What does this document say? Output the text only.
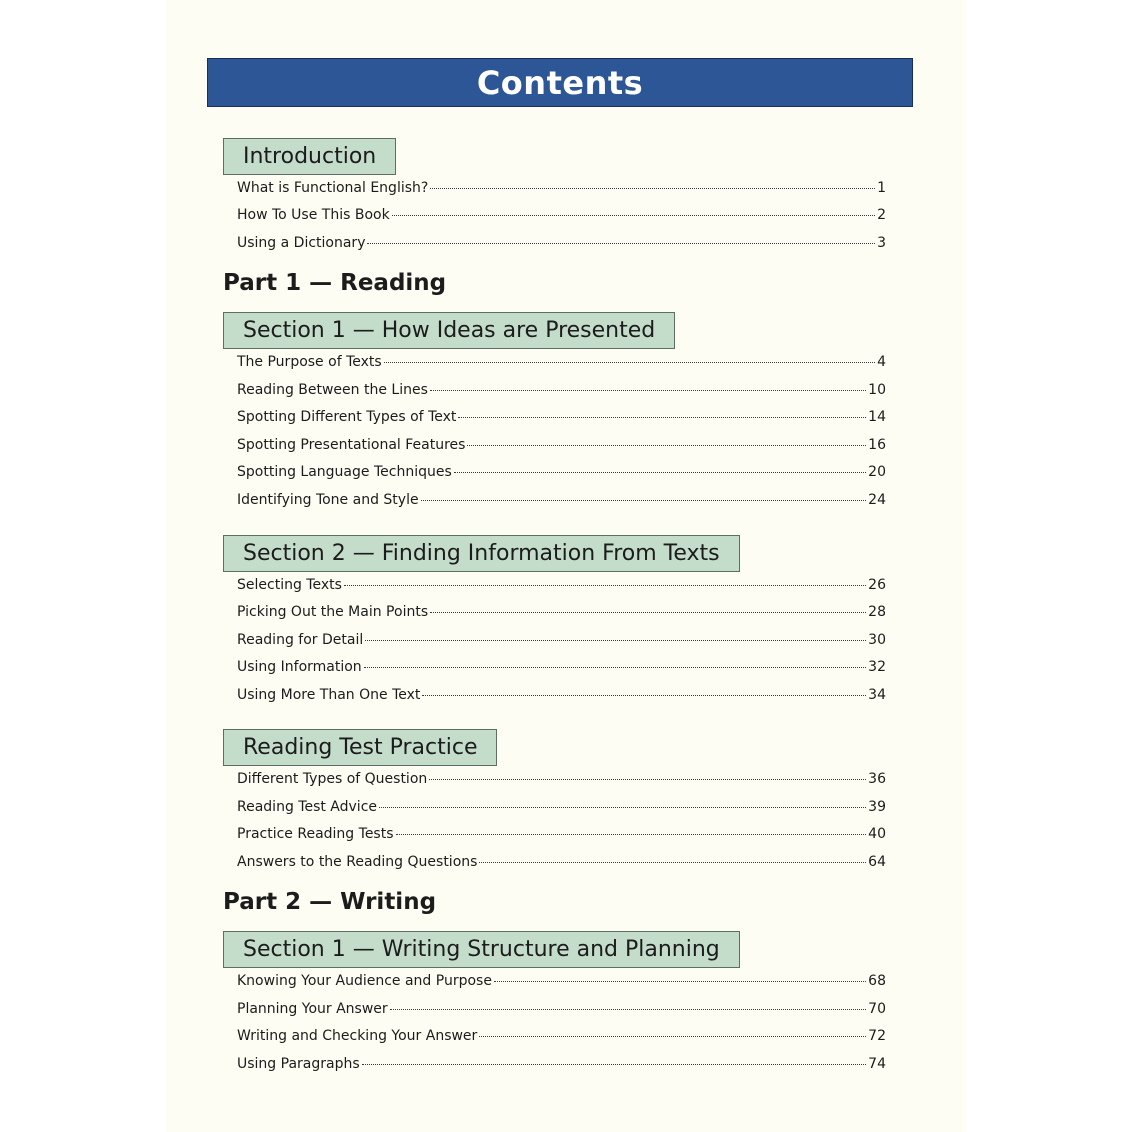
Contents
Introduction
What is Functional English?	1
How To Use This Book	2
Using a Dictionary	3
Part 1 — Reading
Section 1 — How Ideas are Presented
The Purpose of Texts	4
Reading Between the Lines	10
Spotting Different Types of Text	14
Spotting Presentational Features	16
Spotting Language Techniques	20
Identifying Tone and Style	24
Section 2 — Finding Information From Texts
Selecting Texts	26
Picking Out the Main Points	28
Reading for Detail	30
Using Information	32
Using More Than One Text	34
Reading Test Practice
Different Types of Question	36
Reading Test Advice	39
Practice Reading Tests	40
Answers to the Reading Questions	64
Part 2 — Writing
Section 1 — Writing Structure and Planning
Knowing Your Audience and Purpose	68
Planning Your Answer	70
Writing and Checking Your Answer	72
Using Paragraphs	74
